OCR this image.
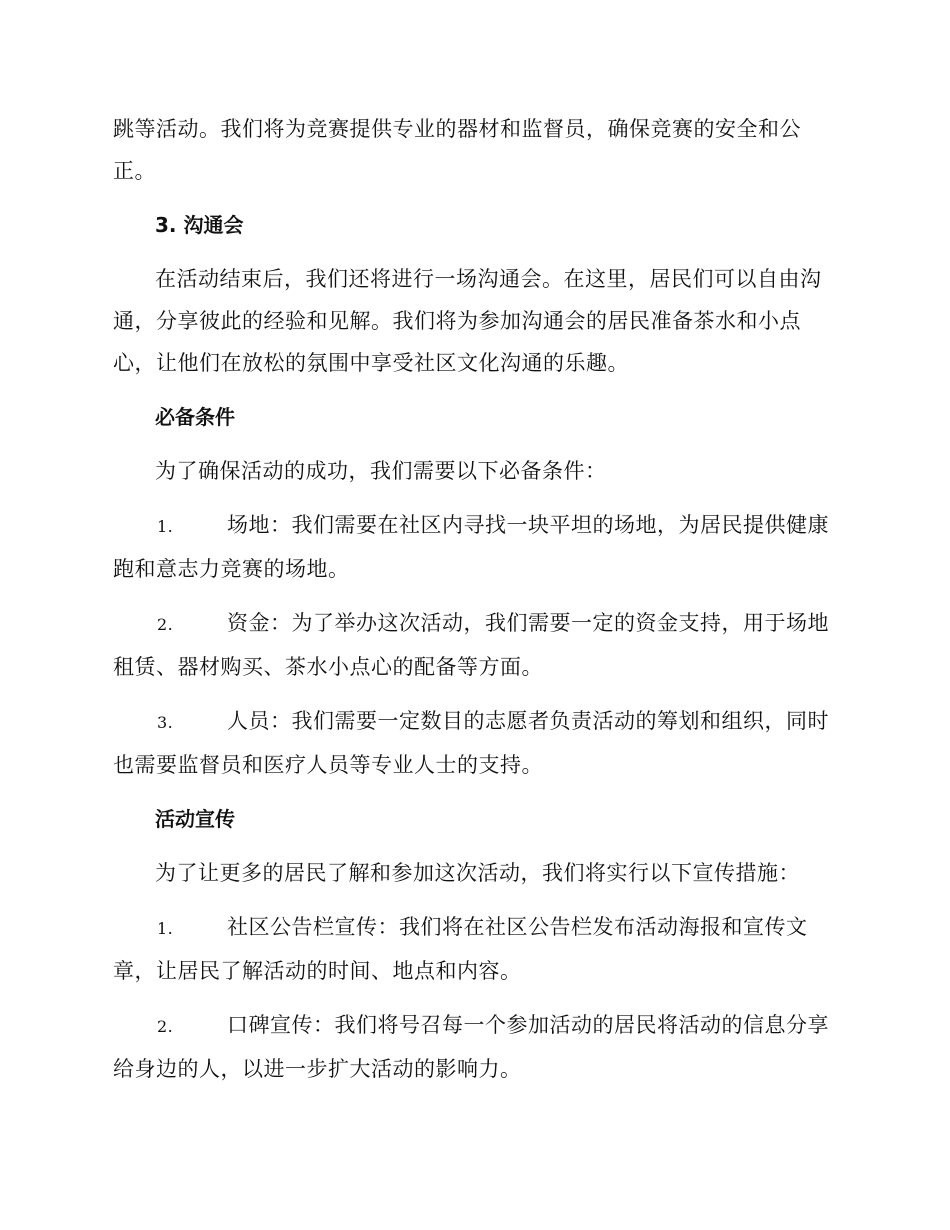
跳等活动。我们将为竞赛提供专业的器材和监督员，确保竞赛的安全和公正。

3. 沟通会

在活动结束后，我们还将进行一场沟通会。在这里，居民们可以自由沟通，分享彼此的经验和见解。我们将为参加沟通会的居民准备茶水和小点心，让他们在放松的氛围中享受社区文化沟通的乐趣。

必备条件

为了确保活动的成功，我们需要以下必备条件：

1.	场地：我们需要在社区内寻找一块平坦的场地，为居民提供健康跑和意志力竞赛的场地。
2.	资金：为了举办这次活动，我们需要一定的资金支持，用于场地租赁、器材购买、茶水小点心的配备等方面。
3.	人员：我们需要一定数目的志愿者负责活动的筹划和组织，同时也需要监督员和医疗人员等专业人士的支持。
活动宣传

为了让更多的居民了解和参加这次活动，我们将实行以下宣传措施：

1.	社区公告栏宣传：我们将在社区公告栏发布活动海报和宣传文章，让居民了解活动的时间、地点和内容。
2.	口碑宣传：我们将号召每一个参加活动的居民将活动的信息分享给身边的人，以进一步扩大活动的影响力。
